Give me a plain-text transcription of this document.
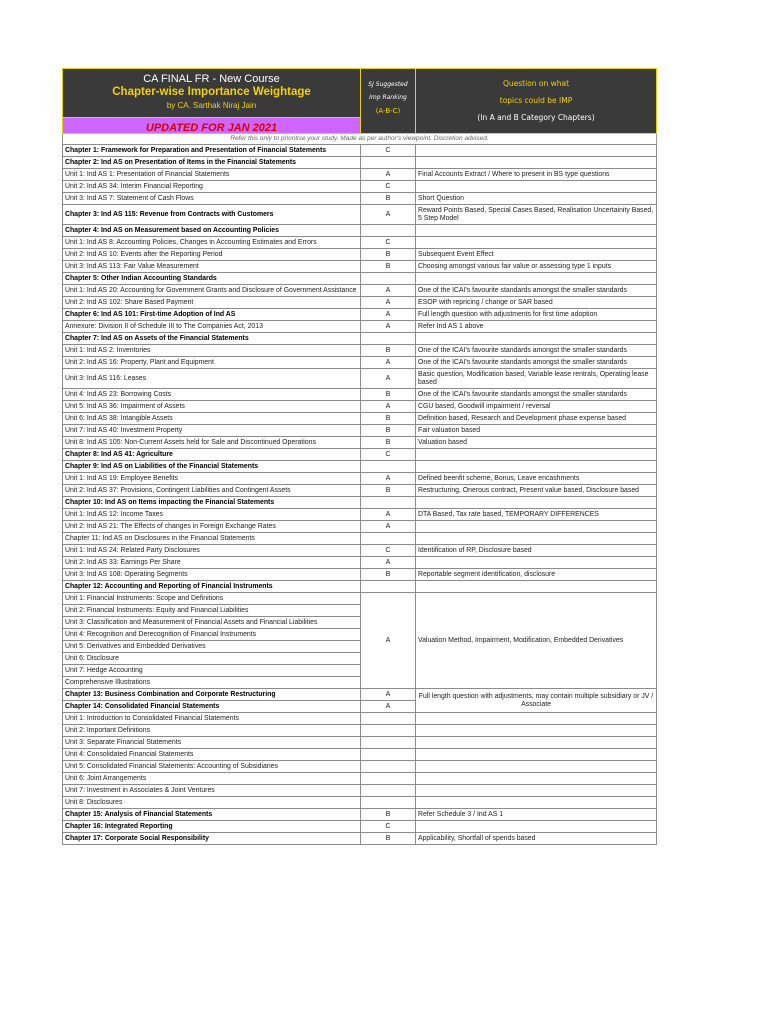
CA FINAL FR - New Course
Chapter-wise Importance Weightage
by CA. Sarthak Niraj Jain
UPDATED FOR JAN 2021
SJ Suggested
Imp Ranking
(A-B-C)
Question on what
topics could be IMP
(In A and B Category Chapters)
Refer this only to prioritise your study. Made as per author's viewpoint. Discretion advised.
Chapter 1: Framework for Preparation and Presentation of Financial Statements	C	
Chapter 2: Ind AS on Presentation of Items in the Financial Statements		
Unit 1: Ind AS 1: Presentation of Financial Statements	A	Final Accounts Extract / Where to present in BS type questions
Unit 2: Ind AS 34: Interim Financial Reporting	C	
Unit 3: Ind AS 7: Statement of Cash Flows	B	Short Question
Chapter 3: Ind AS 115: Revenue from Contracts with Customers	A	Reward Points Based, Special Cases Based, Realisation Uncertainity Based, 5 Step Model
Chapter 4: Ind AS on Measurement based on Accounting Policies		
Unit 1: Ind AS 8: Accounting Policies, Changes in Accounting Estimates and Errors	C	
Unit 2: Ind AS 10: Events after the Reporting Period	B	Subsequent Event Effect
Unit 3: Ind AS 113: Fair Value Measurement	B	Choosing amongst various fair value or assessing type 1 inputs
Chapter 5: Other Indian Accounting Standards		
Unit 1: Ind AS 20: Accounting for Government Grants and Disclosure of Government Assistance	A	One of the ICAI's favourite standards amongst the smaller standards
Unit 2: Ind AS 102: Share Based Payment	A	ESOP with repricing / change or SAR based
Chapter 6: Ind AS 101: First-time Adoption of Ind AS	A	Full length question with adjustments for first time adoption
Annexure: Division II of Schedule III to The Companies Act, 2013	A	Refer Ind AS 1 above
Chapter 7: Ind AS on Assets of the Financial Statements		
Unit 1: Ind AS 2: Inventories	B	One of the ICAI's favourite standards amongst the smaller standards
Unit 2: Ind AS 16: Property, Plant and Equipment	A	One of the ICAI's favourite standards amongst the smaller standards
Unit 3: Ind AS 116: Leases	A	Basic question, Modification based, Variable lease rentrals, Operating lease based
Unit 4: Ind AS 23: Borrowing Costs	B	One of the ICAI's favourite standards amongst the smaller standards
Unit 5: Ind AS 36: Impairment of Assets	A	CGU based, Goodwill impairment / reversal
Unit 6: Ind AS 38: Intangible Assets	B	Definition based, Research and Development phase expense based
Unit 7: Ind AS 40: Investment Property	B	Fair valuation based
Unit 8: Ind AS 105: Non-Current Assets held for Sale and Discontinued Operations	B	Valuation based
Chapter 8: Ind AS 41: Agriculture	C	
Chapter 9: Ind AS on Liabilities of the Financial Statements		
Unit 1: Ind AS 19: Employee Benefits	A	Defined beenfit scheme, Bonus, Leave encashments
Unit 2: Ind AS 37: Provisions, Contingent Liabilities and Contingent Assets	B	Restructuring, Onerous contract, Present value based, Disclosure based
Chapter 10: Ind AS on Items impacting the Financial Statements		
Unit 1: Ind AS 12: Income Taxes	A	DTA Based, Tax rate based, TEMPORARY DIFFERENCES
Unit 2: Ind AS 21: The Effects of changes in Foreign Exchange Rates	A	
Chapter 11: Ind AS on Disclosures in the Financial Statements		
Unit 1: Ind AS 24: Related Party Disclosures	C	Identification of RP, Disclosure based
Unit 2: Ind AS 33: Earnings Per Share	A	
Unit 3: Ind AS 108: Operating Segments	B	Reportable segment identification, disclosure
Chapter 12: Accounting and Reporting of Financial Instruments		
Unit 1: Financial Instruments: Scope and Definitions	A	Valuation Method, Impairment, Modification, Embedded Derivatives
Unit 2: Financial Instruments: Equity and Financial Liabilities		
Unit 3: Classification and Measurement of Financial Assets and Financial Liabilities		
Unit 4: Recognition and Derecognition of Financial Instruments		
Unit 5: Derivatives and Embedded Derivatives		
Unit 6: Disclosure		
Unit 7: Hedge Accounting		
Comprehensive Illustrations		
Chapter 13: Business Combination and Corporate Restructuring	A	Full length question with adjustments, may contain multiple subsidiary or JV / Associate
Chapter 14: Consolidated Financial Statements	A	
Unit 1: Introduction to Consolidated Financial Statements		
Unit 2: Important Definitions		
Unit 3: Separate Financial Statements		
Unit 4: Consolidated Financial Statements		
Unit 5: Consolidated Financial Statements: Accounting of Subsidiaries		
Unit 6: Joint Arrangements		
Unit 7: Investment in Associates & Joint Ventures		
Unit 8: Disclosures		
Chapter 15: Analysis of Financial Statements	B	Refer Schedule 3 / Ind AS 1
Chapter 16: Integrated Reporting	C	
Chapter 17: Corporate Social Responsibility	B	Applicability, Shortfall of spends based
